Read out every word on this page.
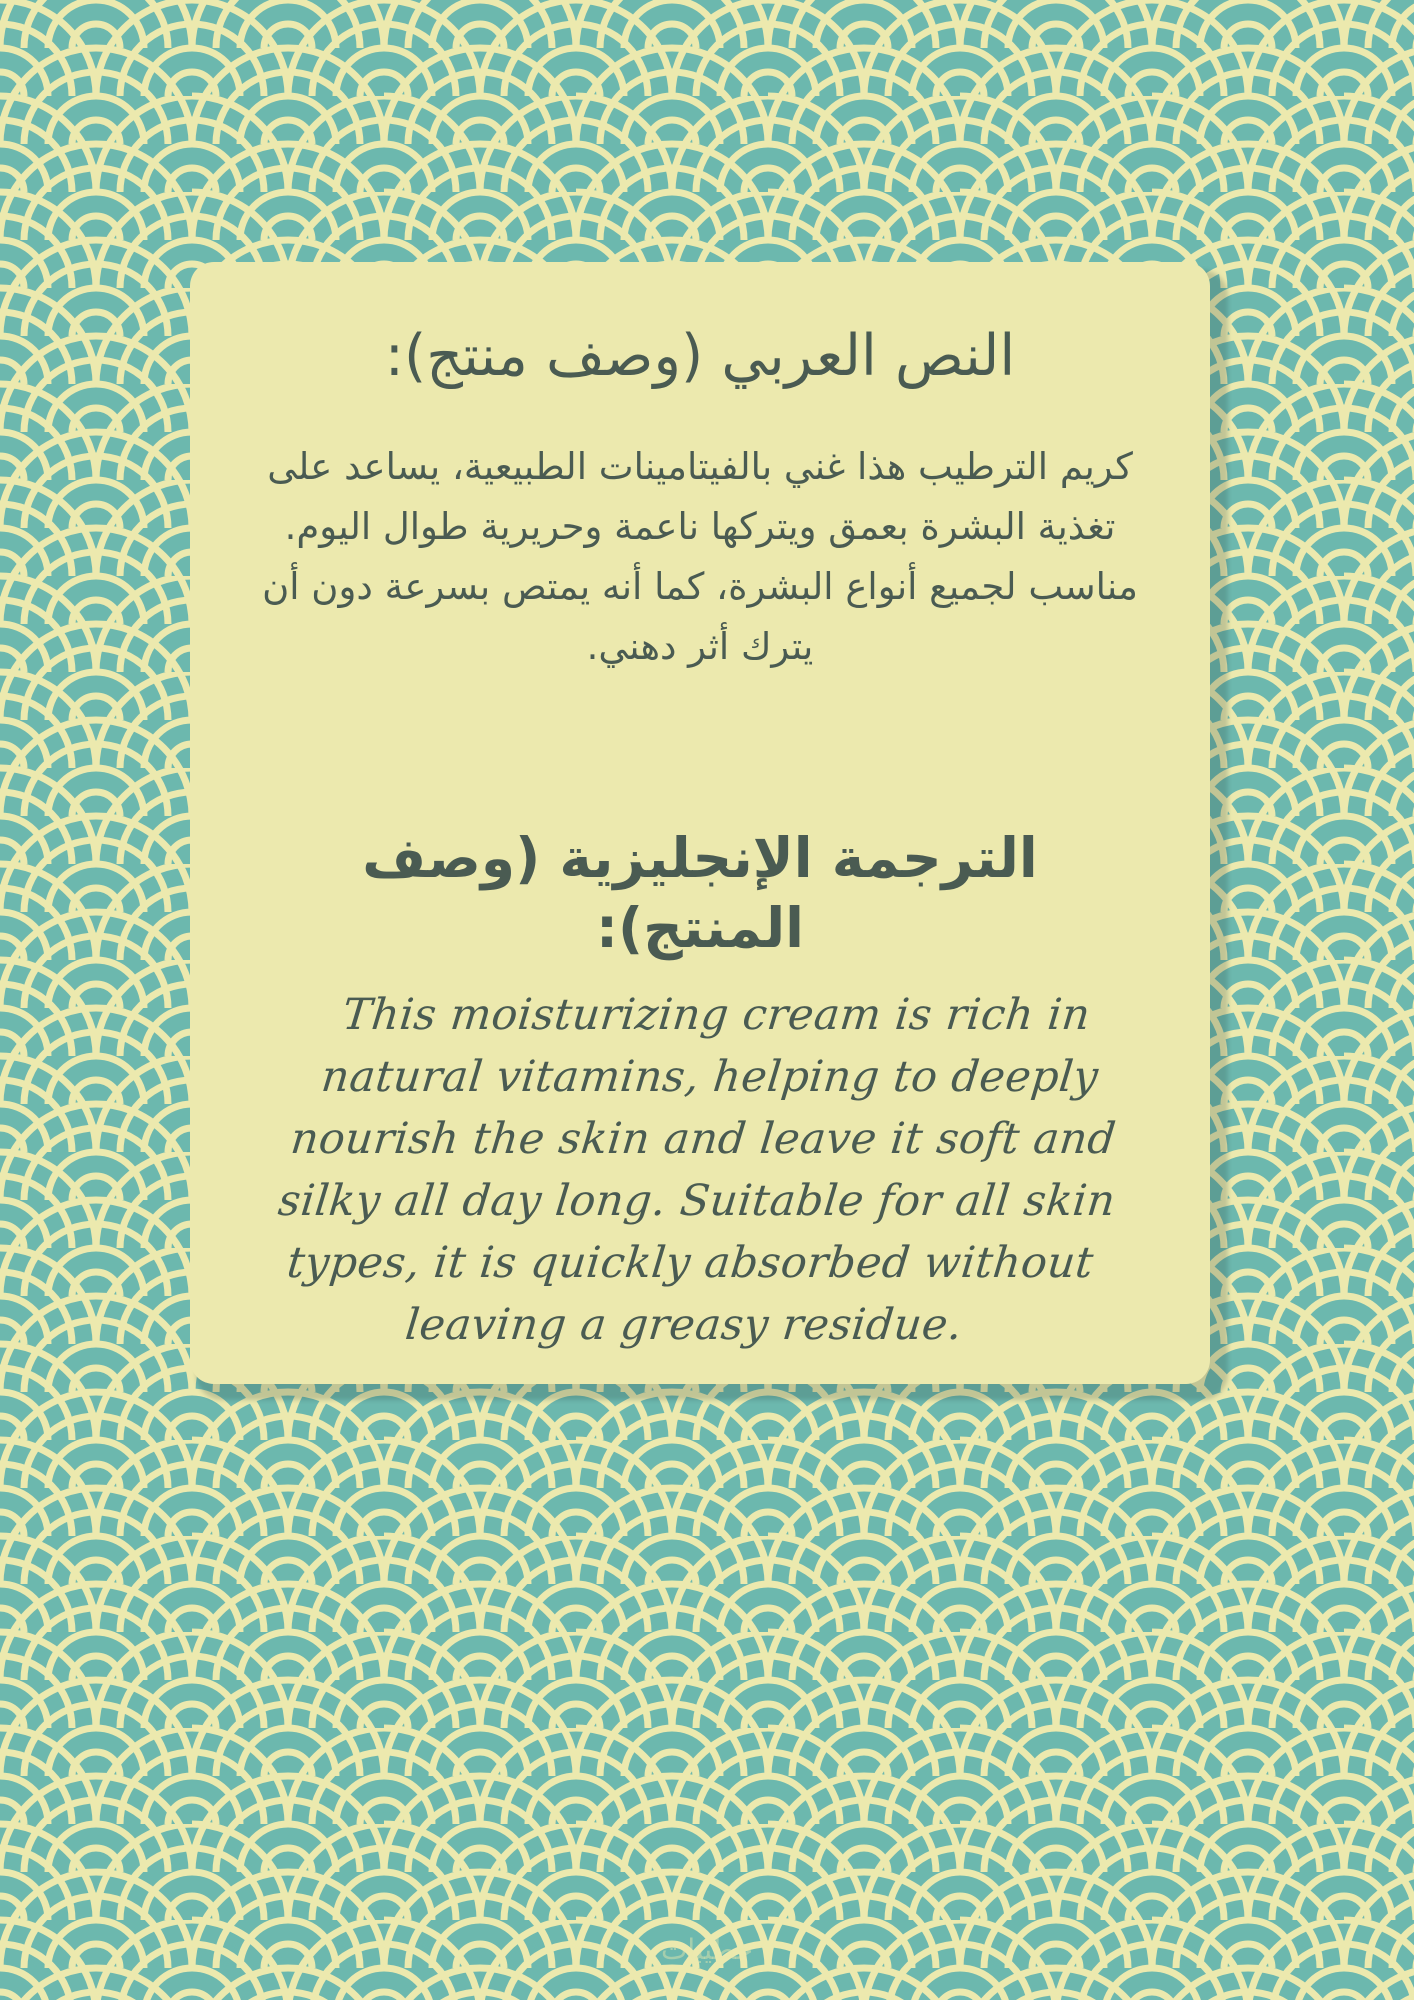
النص العربي (وصف منتج):

كريم الترطيب هذا غني بالفيتامينات الطبيعية، يساعد على تغذية البشرة بعمق ويتركها ناعمة وحريرية طوال اليوم. مناسب لجميع أنواع البشرة، كما أنه يمتص بسرعة دون أن يترك أثر دهني.

الترجمة الإنجليزية (وصف المنتج):

This moisturizing cream is rich in natural vitamins, helping to deeply nourish the skin and leave it soft and silky all day long. Suitable for all skin types, it is quickly absorbed without leaving a greasy residue.

خطيبات
